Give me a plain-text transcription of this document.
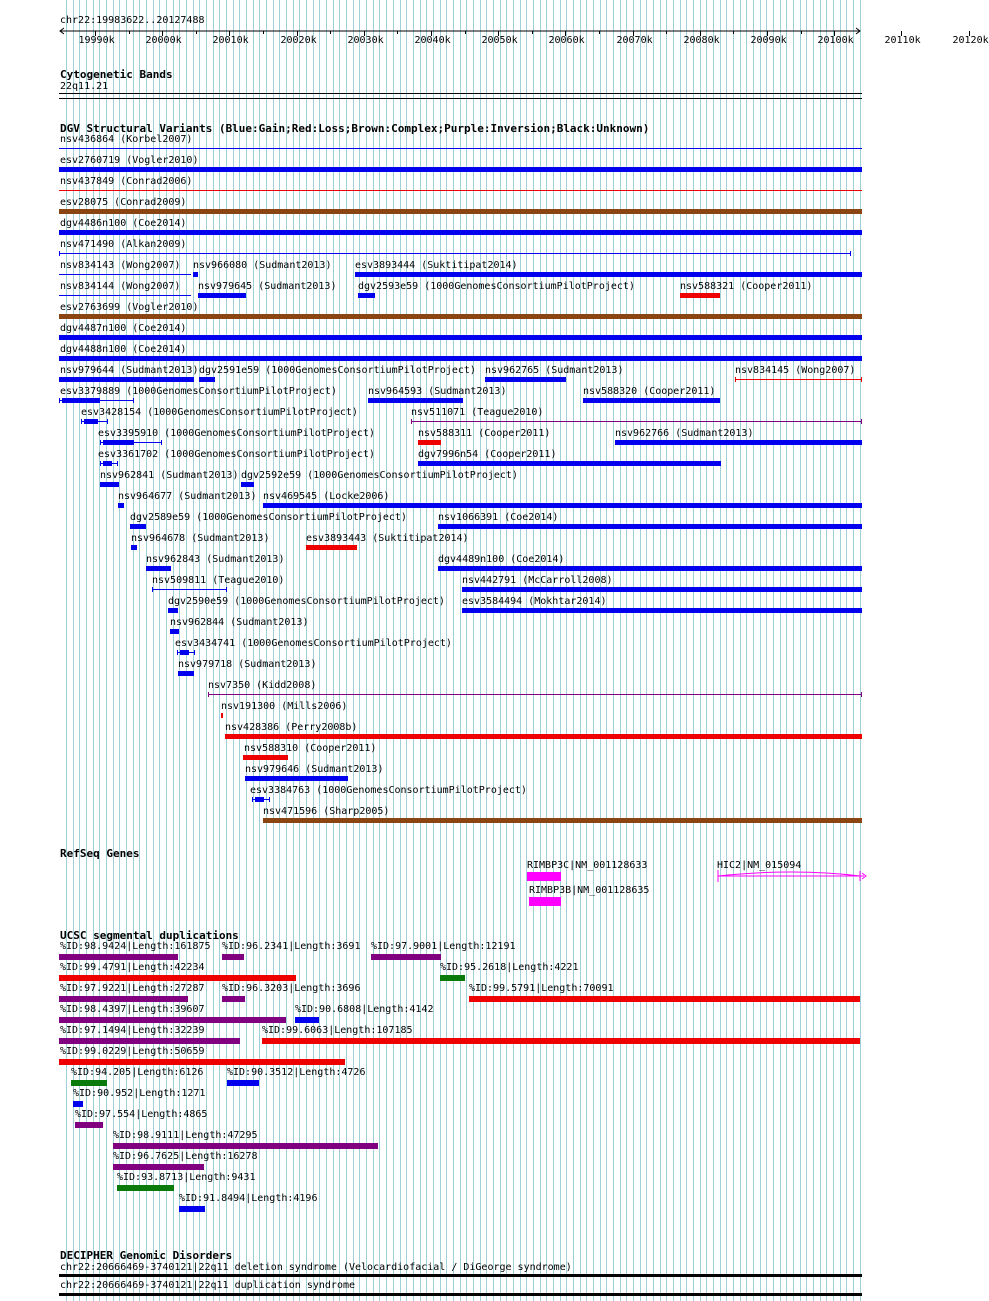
chr22:19983622..20127488
19990k	20000k	20010k	20020k	20030k	20040k	20050k	20060k	20070k	20080k	20090k	20100k	20110k	20120k
Cytogenetic Bands
22q11.21
DGV Structural Variants (Blue:Gain;Red:Loss;Brown:Complex;Purple:Inversion;Black:Unknown)
nsv436864 (Korbel2007)
esv2760719 (Vogler2010)
nsv437849 (Conrad2006)
esv28075 (Conrad2009)
dgv4486n100 (Coe2014)
nsv471490 (Alkan2009)
nsv834143 (Wong2007) nsv966080 (Sudmant2013) esv3893444 (Suktitipat2014)
nsv834144 (Wong2007) nsv979645 (Sudmant2013) dgv2593e59 (1000GenomesConsortiumPilotProject)	nsv588321 (Cooper2011)
esv2763699 (Vogler2010)
dgv4487n100 (Coe2014)
dgv4488n100 (Coe2014)
nsv979644 (Sudmant2013) dgv2591e59 (1000GenomesConsortiumPilotProject) nsv962765 (Sudmant2013)	nsv834145 (Wong2007)
esv3379889 (1000GenomesConsortiumPilotProject)	nsv964593 (Sudmant2013)	nsv588320 (Cooper2011)
esv3428154 (1000GenomesConsortiumPilotProject)	nsv511071 (Teague2010)
esv3395910 (1000GenomesConsortiumPilotProject)	nsv588311 (Cooper2011)	nsv962766 (Sudmant2013)
esv3361702 (1000GenomesConsortiumPilotProject)	dgv7996n54 (Cooper2011)
nsv962841 (Sudmant2013) dgv2592e59 (1000GenomesConsortiumPilotProject)
nsv964677 (Sudmant2013) nsv469545 (Locke2006)
dgv2589e59 (1000GenomesConsortiumPilotProject)	nsv1066391 (Coe2014)
nsv964678 (Sudmant2013)	esv3893443 (Suktitipat2014)
nsv962843 (Sudmant2013)	dgv4489n100 (Coe2014)
nsv509811 (Teague2010)	nsv442791 (McCarroll2008)
dgv2590e59 (1000GenomesConsortiumPilotProject) esv3584494 (Mokhtar2014)
nsv962844 (Sudmant2013)
esv3434741 (1000GenomesConsortiumPilotProject)
nsv979718 (Sudmant2013)
nsv7350 (Kidd2008)
nsv191300 (Mills2006)
nsv428386 (Perry2008b)
nsv588310 (Cooper2011)
nsv979646 (Sudmant2013)
esv3384763 (1000GenomesConsortiumPilotProject)
nsv471596 (Sharp2005)
RefSeq Genes
RIMBP3C|NM_001128633
RIMBP3B|NM_001128635
HIC2|NM_015094
UCSC segmental duplications
%ID:98.9424|Length:161875 %ID:96.2341|Length:3691 %ID:97.9001|Length:12191
%ID:99.4791|Length:42234	%ID:95.2618|Length:4221
%ID:97.9221|Length:27287 %ID:96.3203|Length:3696	%ID:99.5791|Length:70091
%ID:98.4397|Length:39607	%ID:90.6808|Length:4142
%ID:97.1494|Length:32239	%ID:99.6063|Length:107185
%ID:99.0229|Length:50659
%ID:94.205|Length:6126 %ID:90.3512|Length:4726
%ID:90.952|Length:1271
%ID:97.554|Length:4865
%ID:98.9111|Length:47295
%ID:96.7625|Length:16278
%ID:93.8713|Length:9431
%ID:91.8494|Length:4196
DECIPHER Genomic Disorders
chr22:20666469-3740121|22q11 deletion syndrome (Velocardiofacial / DiGeorge syndrome)
chr22:20666469-3740121|22q11 duplication syndrome
